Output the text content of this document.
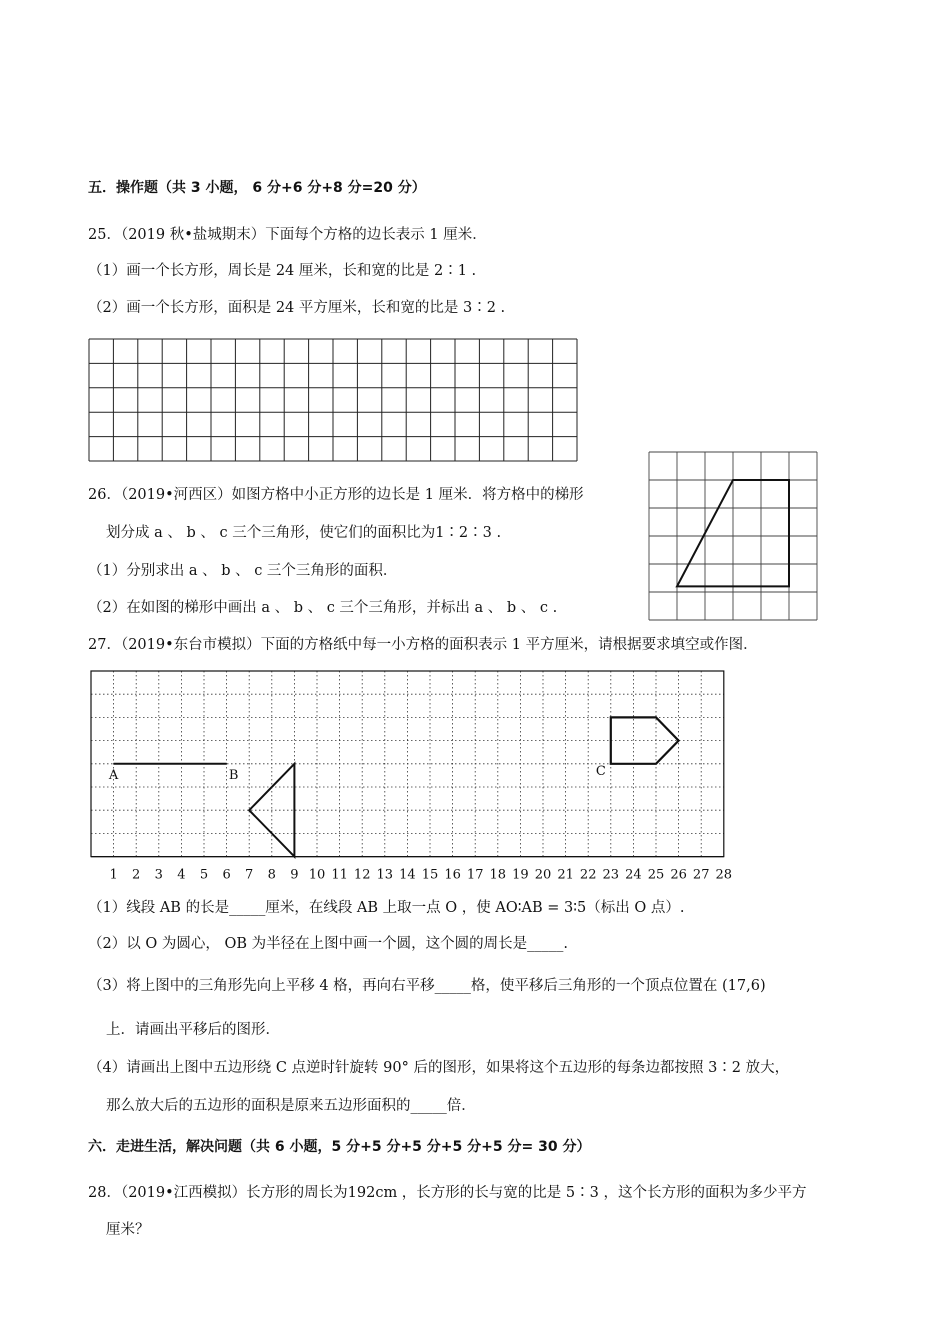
五．操作题（共 3 小题， 6 分+6 分+8 分=20 分）
25．（2019 秋•盐城期末）下面每个方格的边长表示 1 厘米．
（1）画一个长方形，周长是 24 厘米，长和宽的比是 2∶1 .
（2）画一个长方形，面积是 24 平方厘米，长和宽的比是 3∶2 .
26．（2019•河西区）如图方格中小正方形的边长是 1 厘米．将方格中的梯形
划分成 a 、 b 、 c 三个三角形，使它们的面积比为1∶2∶3 .
（1）分别求出 a 、 b 、 c 三个三角形的面积．
（2）在如图的梯形中画出 a 、 b 、 c 三个三角形，并标出 a 、 b 、 c .
27．（2019•东台市模拟）下面的方格纸中每一小方格的面积表示 1 平方厘米，请根据要求填空或作图．
1 2 3 4 5 6 7 8 9 10 11 12 13 14 15 16 17 18 19 20 21 22 23 24 25 26 27 28
A	B	C
（1）线段 AB 的长是_____厘米，在线段 AB 上取一点 O ，使 AO∶AB = 3∶5（标出 O 点）.
（2）以 O 为圆心， OB 为半径在上图中画一个圆，这个圆的周长是_____.
（3）将上图中的三角形先向上平移 4 格，再向右平移_____格，使平移后三角形的一个顶点位置在 (17,6)
上．请画出平移后的图形．
（4）请画出上图中五边形绕 C 点逆时针旋转 90° 后的图形，如果将这个五边形的每条边都按照 3∶2 放大，
那么放大后的五边形的面积是原来五边形面积的_____倍．
六．走进生活，解决问题（共 6 小题，5 分+5 分+5 分+5 分+5 分= 30 分）
28．（2019•江西模拟）长方形的周长为192cm ，长方形的长与宽的比是 5∶3 ，这个长方形的面积为多少平方
厘米？
